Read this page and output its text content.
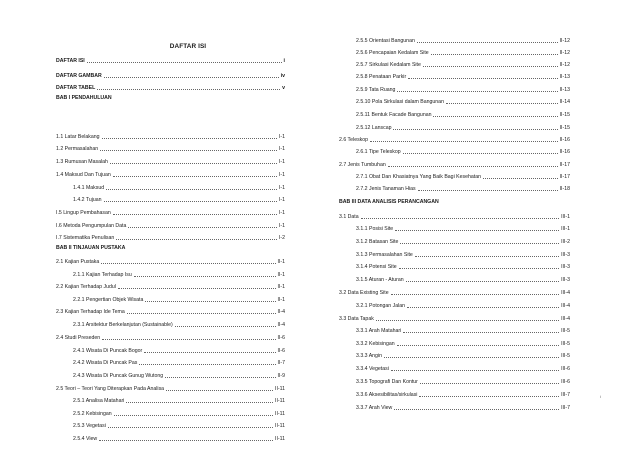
DAFTAR ISI
DAFTAR ISI	i
DAFTAR GAMBAR	iv
DAFTAR TABEL	v
BAB I PENDAHULUAN
1.1 Latar Belakang	I-1
1.2 Permasalahan	I-1
1.3 Rumusan Masalah	I-1
1.4 Maksud Dan Tujuan	I-1
1.4.1 Maksud	I-1
1.4.2 Tujuan	I-1
I.5 Lingup Pembahasan	I-1
I.6 Metoda Pengumpulan Data	I-1
I.7 Sistematika Penulisan	I-2
BAB II TINJAUAN PUSTAKA
2.1 Kajian Pustaka	II-1
2.1.1 Kajian Terhadap Isu	II-1
2.2 Kajian Terhadap Judul	II-1
2.2.1 Pengertian Objek Wisata	II-1
2.3 Kajian Terhadap Ide Tema	II-4
2.3.1 Arsitektur Berkelanjutan (Sustainable)	II-4
2.4 Studi Preseden	II-6
2.4.1 Wisata Di Puncak Bogor	II-6
2.4.2 Wisata Di Puncak Pas	II-7
2.4.3 Wisata Di Puncak Gunug Wutong	II-9
2.5 Teori – Teori Yang Diterapkan Pada Analisa	II-11
2.5.1 Analisa Matahari	II-11
2.5.2 Kebisingan	II-11
2.5.3 Vegetasi	II-11
2.5.4 View	II-11
2.5.5 Orientasi Bangunan	II-12
2.5.6 Pencapaian Kedalam Site	II-12
2.5.7 Sirkulasi Kedalam Site	II-12
2.5.8 Penataan Parkir	II-13
2.5.9 Tata Ruang	II-13
2.5.10 Pola Sirkulasi dalam Bangunan	II-14
2.5.11 Bentuk Facade Bangunan	II-15
2.5.12 Lanscap	II-15
2.6 Teleskop	II-16
2.6.1 Tipe Teleskop	II-16
2.7 Jenis Tumbuhan	II-17
2.7.1 Obat Dan Khasiatnya Yang Baik Bagi Kesehatan	II-17
2.7.2 Jenis Tanaman Hias	II-18
BAB III DATA ANALISIS PERANCANGAN
3.1 Data	III-1
3.1.1 Posisi Site	III-1
3.1.2 Batasan Site	III-2
3.1.3 Permasalahan Site	III-3
3.1.4 Potensi Site	III-3
3.1.5 Aturan - Aturan	III-3
3.2 Data Existing Site	III-4
3.2.1 Potongan Jalan	III-4
3.3 Data Tapak	III-4
3.3.1 Arah Matahari	III-5
3.3.2 Kebisingan	III-5
3.3.3 Angin	III-5
3.3.4 Vegetasi	III-6
3.3.5 Topografi Dan Kontur	III-6
3.3.6 Aksesibilitas/sirkulasi	III-7
3.3.7 Arah View	III-7
i
